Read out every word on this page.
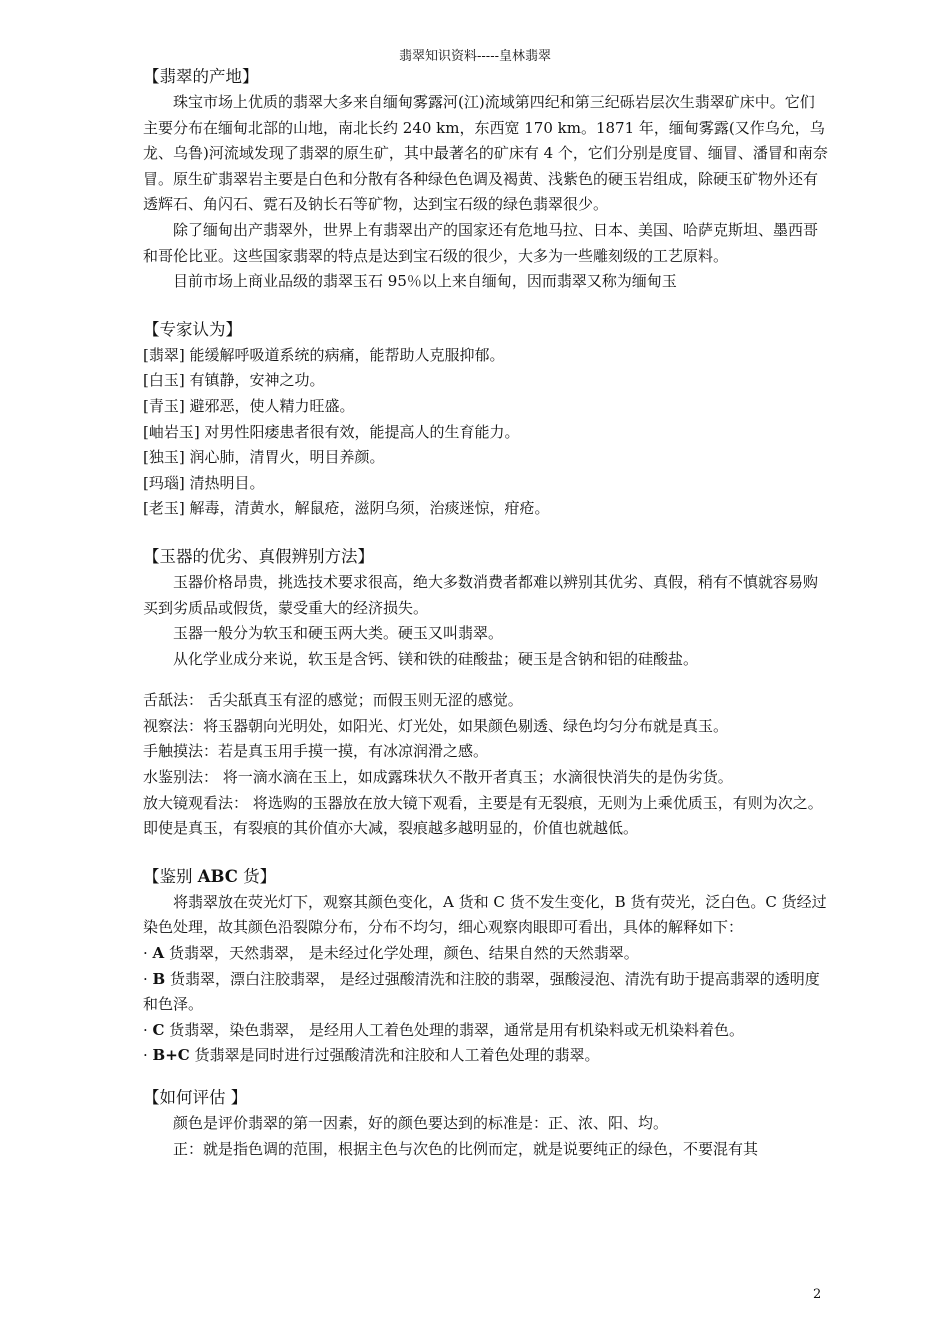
翡翠知识资料-----皇林翡翠

【翡翠的产地】

珠宝市场上优质的翡翠大多来自缅甸雾露河(江)流域第四纪和第三纪砾岩层次生翡翠矿床中。它们主要分布在缅甸北部的山地，南北长约 240 km，东西宽 170 km。1871 年，缅甸雾露(又作乌允，乌龙、乌鲁)河流域发现了翡翠的原生矿，其中最著名的矿床有 4 个，它们分别是度冒、缅冒、潘冒和南奈冒。原生矿翡翠岩主要是白色和分散有各种绿色色调及褐黄、浅紫色的硬玉岩组成，除硬玉矿物外还有透辉石、角闪石、霓石及钠长石等矿物，达到宝石级的绿色翡翠很少。

除了缅甸出产翡翠外，世界上有翡翠出产的国家还有危地马拉、日本、美国、哈萨克斯坦、墨西哥和哥伦比亚。这些国家翡翠的特点是达到宝石级的很少，大多为一些雕刻级的工艺原料。

目前市场上商业品级的翡翠玉石 95％以上来自缅甸，因而翡翠又称为缅甸玉

【专家认为】

[翡翠] 能缓解呼吸道系统的病痛，能帮助人克服抑郁。

[白玉] 有镇静，安神之功。

[青玉] 避邪恶，使人精力旺盛。

[岫岩玉] 对男性阳痿患者很有效，能提高人的生育能力。

[独玉] 润心肺，清胃火，明目养颜。

[玛瑙] 清热明目。

[老玉] 解毒，清黄水，解鼠疮，滋阴乌须，治痰迷惊，疳疮。

【玉器的优劣、真假辨别方法】

玉器价格昂贵，挑选技术要求很高，绝大多数消费者都难以辨别其优劣、真假，稍有不慎就容易购买到劣质品或假货，蒙受重大的经济损失。

玉器一般分为软玉和硬玉两大类。硬玉又叫翡翠。

从化学业成分来说，软玉是含钙、镁和铁的硅酸盐；硬玉是含钠和铝的硅酸盐。

舌舐法： 舌尖舐真玉有涩的感觉；而假玉则无涩的感觉。

视察法：将玉器朝向光明处，如阳光、灯光处，如果颜色剔透、绿色均匀分布就是真玉。

手触摸法：若是真玉用手摸一摸，有冰凉润滑之感。

水鉴别法： 将一滴水滴在玉上，如成露珠状久不散开者真玉；水滴很快消失的是伪劣货。

放大镜观看法： 将选购的玉器放在放大镜下观看，主要是有无裂痕，无则为上乘优质玉，有则为次之。即使是真玉，有裂痕的其价值亦大减，裂痕越多越明显的，价值也就越低。

【鉴别 ABC 货】

将翡翠放在荧光灯下，观察其颜色变化，A 货和 C 货不发生变化，B 货有荧光，泛白色。C 货经过染色处理，故其颜色沿裂隙分布，分布不均匀，细心观察肉眼即可看出，具体的解释如下：

· A 货翡翠，天然翡翠， 是未经过化学处理，颜色、结果自然的天然翡翠。

· B 货翡翠，漂白注胶翡翠， 是经过强酸清洗和注胶的翡翠，强酸浸泡、清洗有助于提高翡翠的透明度和色泽。

· C 货翡翠，染色翡翠， 是经用人工着色处理的翡翠，通常是用有机染料或无机染料着色。

· B+C 货翡翠是同时进行过强酸清洗和注胶和人工着色处理的翡翠。

【如何评估 】

颜色是评价翡翠的第一因素，好的颜色要达到的标准是：正、浓、阳、均。

正：就是指色调的范围，根据主色与次色的比例而定，就是说要纯正的绿色，不要混有其

2
